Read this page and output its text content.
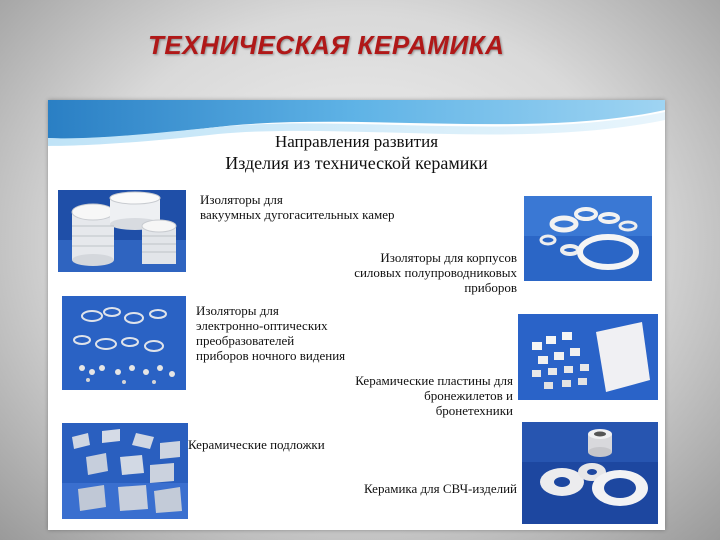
ТЕХНИЧЕСКАЯ КЕРАМИКА
Направления развития
Изделия из технической керамики
Изоляторы для
вакуумных дугогасительных камер
Изоляторы для корпусов
силовых полупроводниковых
приборов
Изоляторы для
электронно-оптических
преобразователей
приборов ночного видения
Керамические пластины для
бронежилетов и
бронетехники
Керамические подложки
Керамика для СВЧ-изделий
